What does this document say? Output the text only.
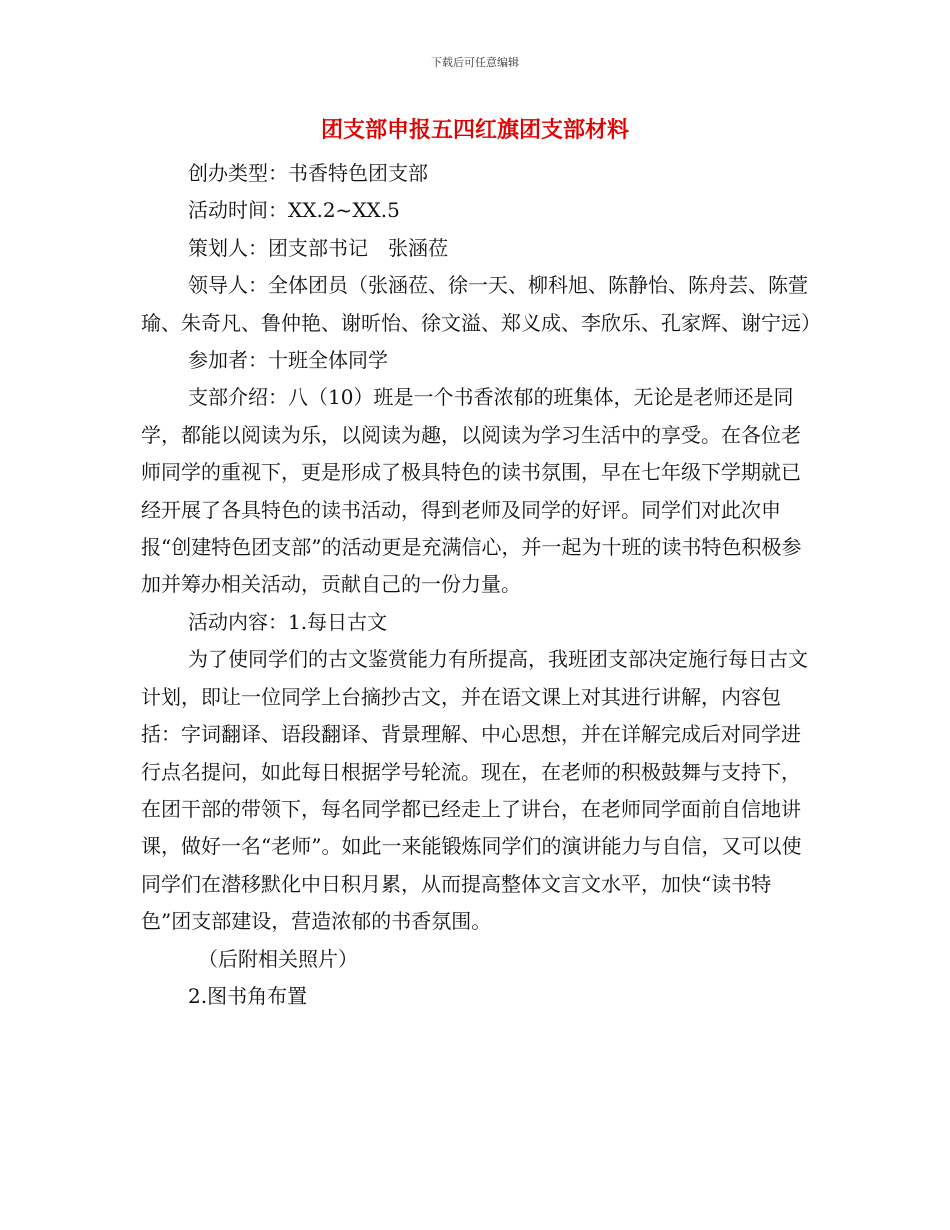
下载后可任意编辑
团支部申报五四红旗团支部材料

创办类型：书香特色团支部

活动时间：XX.2~XX.5

策划人：团支部书记　张涵莅

领导人：全体团员（张涵莅、徐一天、柳科旭、陈静怡、陈舟芸、陈萱瑜、朱奇凡、鲁仲艳、谢昕怡、徐文溢、郑义成、李欣乐、孔家辉、谢宁远）

参加者：十班全体同学

支部介绍：八（10）班是一个书香浓郁的班集体，无论是老师还是同学，都能以阅读为乐，以阅读为趣，以阅读为学习生活中的享受。在各位老师同学的重视下，更是形成了极具特色的读书氛围，早在七年级下学期就已经开展了各具特色的读书活动，得到老师及同学的好评。同学们对此次申报“创建特色团支部”的活动更是充满信心，并一起为十班的读书特色积极参加并筹办相关活动，贡献自己的一份力量。

活动内容：1.每日古文

为了使同学们的古文鉴赏能力有所提高，我班团支部决定施行每日古文计划，即让一位同学上台摘抄古文，并在语文课上对其进行讲解，内容包括：字词翻译、语段翻译、背景理解、中心思想，并在详解完成后对同学进行点名提问，如此每日根据学号轮流。现在，在老师的积极鼓舞与支持下，在团干部的带领下，每名同学都已经走上了讲台，在老师同学面前自信地讲课，做好一名“老师”。如此一来能锻炼同学们的演讲能力与自信，又可以使同学们在潜移默化中日积月累，从而提高整体文言文水平，加快“读书特色”团支部建设，营造浓郁的书香氛围。

（后附相关照片）

2.图书角布置
